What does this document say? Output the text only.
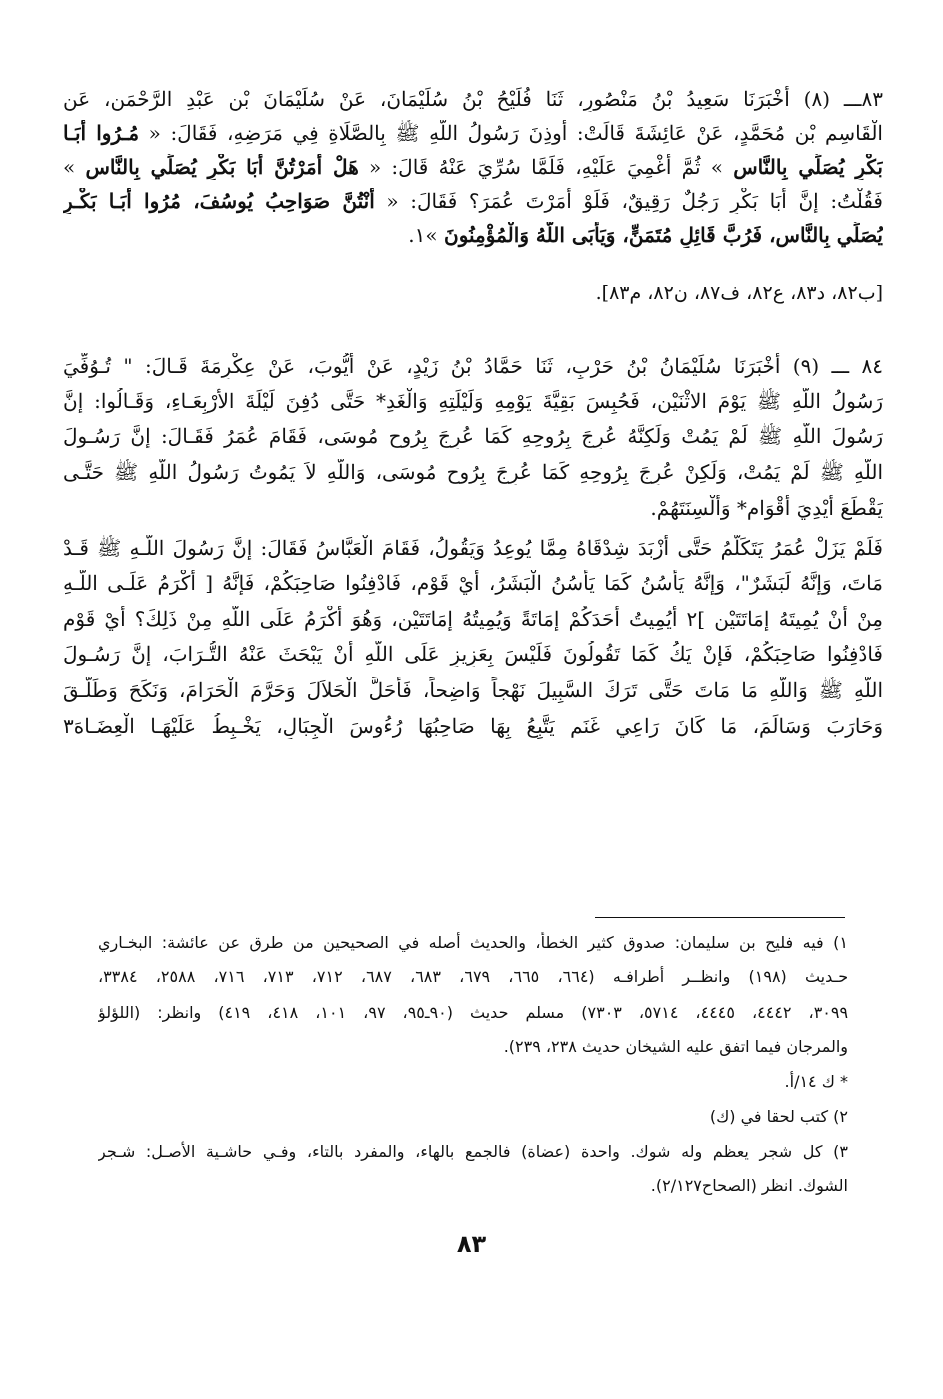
٨٣ـــ (٨) أَخْبَرَنَا سَعِيدُ بْنُ مَنْصُورٍ، ثَنَا فُلَيْحُ بْنُ سُلَيْمَانَ، عَنْ سُلَيْمَانَ بْنِ عَبْدِ الرَّحْمَنِ، عَنِ
الْقَاسِمِ بْنِ مُحَمَّدٍ، عَنْ عَائِشَةَ قَالَتْ: أُوذِنَ رَسُولُ اللَّهِ ﷺ بِالصَّلَاةِ فِي مَرَضِهِ، فَقَالَ: « مُـرُوا أَبَـا
بَكْرٍ يُصَلِّي بِالنَّاسِ » ثُمَّ أُغْمِيَ عَلَيْهِ، فَلَمَّا سُرِّيَ عَنْهُ قَالَ: « هَلْ أَمَرْتُنَّ أَبَا بَكْرٍ يُصَلِّي بِالنَّاسِ »
فَقُلْتُ: إِنَّ أَبَا بَكْرٍ رَجُلٌ رَقِيقٌ، فَلَوْ أَمَرْتَ عُمَرَ؟ فَقَالَ: « أَنْتُنَّ صَوَاحِبُ يُوسُفَ، مُرُوا أَبَـا بَكْـرٍ
يُصَلِّي بِالنَّاسِ، فَرُبَّ قَائِلٍ مُتَمَنٍّ، وَيَأْبَى اللَّهُ وَالْمُؤْمِنُونَ »١.
[ب٨٢، د٨٣، ع٨٢، ف٨٧، ن٨٢، م٨٣].
٨٤ ـــ (٩) أَخْبَرَنَا سُلَيْمَانُ بْنُ حَرْبٍ، ثَنَا حَمَّادُ بْنُ زَيْدٍ، عَنْ أَيُّوبَ، عَنْ عِكْرِمَةَ قَـالَ: " تُـوُفِّيَ
رَسُولُ اللَّهِ ﷺ يَوْمَ الاثْنَيْنِ، فَحُبِسَ بَقِيَّةَ يَوْمِهِ وَلَيْلَتِهِ وَالْغَدِ* حَتَّى دُفِنَ لَيْلَةَ الأَرْبِعَـاءِ، وَقَـالُوا: إِنَّ
رَسُولَ اللَّهِ ﷺ لَمْ يَمُتْ وَلَكِنَّهُ عُرِجَ بِرُوحِهِ كَمَا عُرِجَ بِرُوحِ مُوسَى، فَقَامَ عُمَرُ فَقَـالَ: إِنَّ رَسُـولَ
اللَّهِ ﷺ لَمْ يَمُتْ، وَلَكِنْ عُرِجَ بِرُوحِهِ كَمَا عُرِجَ بِرُوحِ مُوسَى، وَاللَّهِ لاَ يَمُوتُ رَسُولُ اللَّهِ ﷺ حَتَّـى
يَقْطَعَ أَيْدِيَ أَقْوَامٍ* وَأَلْسِنَتَهُمْ.
فَلَمْ يَزَلْ عُمَرُ يَتَكَلَّمُ حَتَّى أَزْبَدَ شِدْقَاهُ مِمَّا يُوعِدُ وَيَقُولُ، فَقَامَ الْعَبَّاسُ فَقَالَ: إِنَّ رَسُولَ اللَّـهِ ﷺ قَـدْ
مَاتَ، وَإِنَّهُ لَبَشَرٌ"، وَإِنَّهُ يَأْسُنُ كَمَا يَأْسُنُ الْبَشَرُ، أَيْ قَوْمِ، فَادْفِنُوا صَاحِبَكُمْ، فَإِنَّهُ [ أَكْرَمُ عَلَـى اللَّـهِ
مِنْ أَنْ يُمِيتَهُ إِمَاتَتَيْنِ ]٢ أَيُمِيتُ أَحَدَكُمْ إِمَاتَةً وَيُمِيتُهُ إِمَاتَتَيْنِ، وَهُوَ أَكْرَمُ عَلَى اللَّهِ مِنْ ذَلِكَ؟ أَيْ قَوْمِ
فَادْفِنُوا صَاحِبَكُمْ، فَإِنْ يَكُ كَمَا تَقُولُونَ فَلَيْسَ بِعَزِيزٍ عَلَى اللَّهِ أَنْ يَبْحَثَ عَنْهُ التُّـرَابَ، إِنَّ رَسُـولَ
اللَّهِ ﷺ وَاللَّهِ مَا مَاتَ حَتَّى تَرَكَ السَّبِيلَ نَهْجاً وَاضِحاً، فَأَحَلَّ الْحَلاَلَ وَحَرَّمَ الْحَرَامَ، وَنَكَحَ وَطَلَّـقَ
وَحَارَبَ وَسَالَمَ، مَا كَانَ رَاعِي غَنَمٍ يَتَّبِعُ بِهَا صَاحِبُهَا رُءُوسَ الْجِبَالِ، يَخْـبِطُ عَلَيْهَـا الْعِضَـاهَ٣
١) فيه فليح بن سليمان: صدوق كثير الخطأ، والحديث أصله في الصحيحين من طرق عن عائشة: البخـاري
حـديث (١٩٨) وانظــر أطرافـه (٦٦٤، ٦٦٥، ٦٧٩، ٦٨٣، ٦٨٧، ٧١٢، ٧١٣، ٧١٦، ٢٥٨٨، ٣٣٨٤،
٣٠٩٩، ٤٤٤٢، ٤٤٤٥، ٥٧١٤، ٧٣٠٣) مسلم حديث (٩٠ـ٩٥، ٩٧، ١٠١، ٤١٨، ٤١٩) وانظر: (اللؤلؤ
والمرجان فيما اتفق عليه الشيخان حديث ٢٣٨، ٢٣٩).
* ك ١٤/أ.
٢) كتب لحقا في (ك)
٣) كل شجر يعظم وله شوك. واحدة (عضاة) فالجمع بالهاء، والمفرد بالتاء، وفـي حاشـية الأصـل: شـجر
الشوك. انظر (الصحاح٢/١٢٧).
٨٣
